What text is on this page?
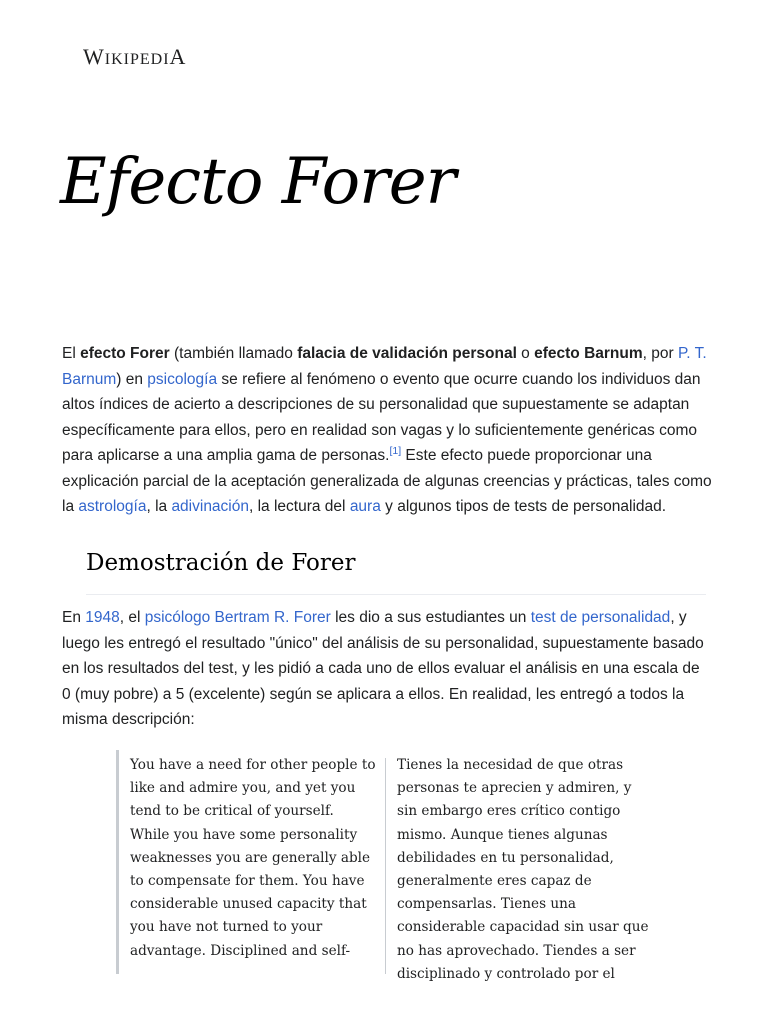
WIKIPEDIA
Efecto Forer

El efecto Forer (también llamado falacia de validación personal o efecto Barnum, por P. T. Barnum) en psicología se refiere al fenómeno o evento que ocurre cuando los individuos dan altos índices de acierto a descripciones de su personalidad que supuestamente se adaptan específicamente para ellos, pero en realidad son vagas y lo suficientemente genéricas como para aplicarse a una amplia gama de personas.[1] Este efecto puede proporcionar una explicación parcial de la aceptación generalizada de algunas creencias y prácticas, tales como la astrología, la adivinación, la lectura del aura y algunos tipos de tests de personalidad.

Demostración de Forer

En 1948, el psicólogo Bertram R. Forer les dio a sus estudiantes un test de personalidad, y luego les entregó el resultado "único" del análisis de su personalidad, supuestamente basado en los resultados del test, y les pidió a cada uno de ellos evaluar el análisis en una escala de 0 (muy pobre) a 5 (excelente) según se aplicara a ellos. En realidad, les entregó a todos la misma descripción:

You have a need for other people to like and admire you, and yet you tend to be critical of yourself. While you have some personality weaknesses you are generally able to compensate for them. You have considerable unused capacity that you have not turned to your advantage. Disciplined and self-

Tienes la necesidad de que otras personas te aprecien y admiren, y sin embargo eres crítico contigo mismo. Aunque tienes algunas debilidades en tu personalidad, generalmente eres capaz de compensarlas. Tienes una considerable capacidad sin usar que no has aprovechado. Tiendes a ser disciplinado y controlado por el
